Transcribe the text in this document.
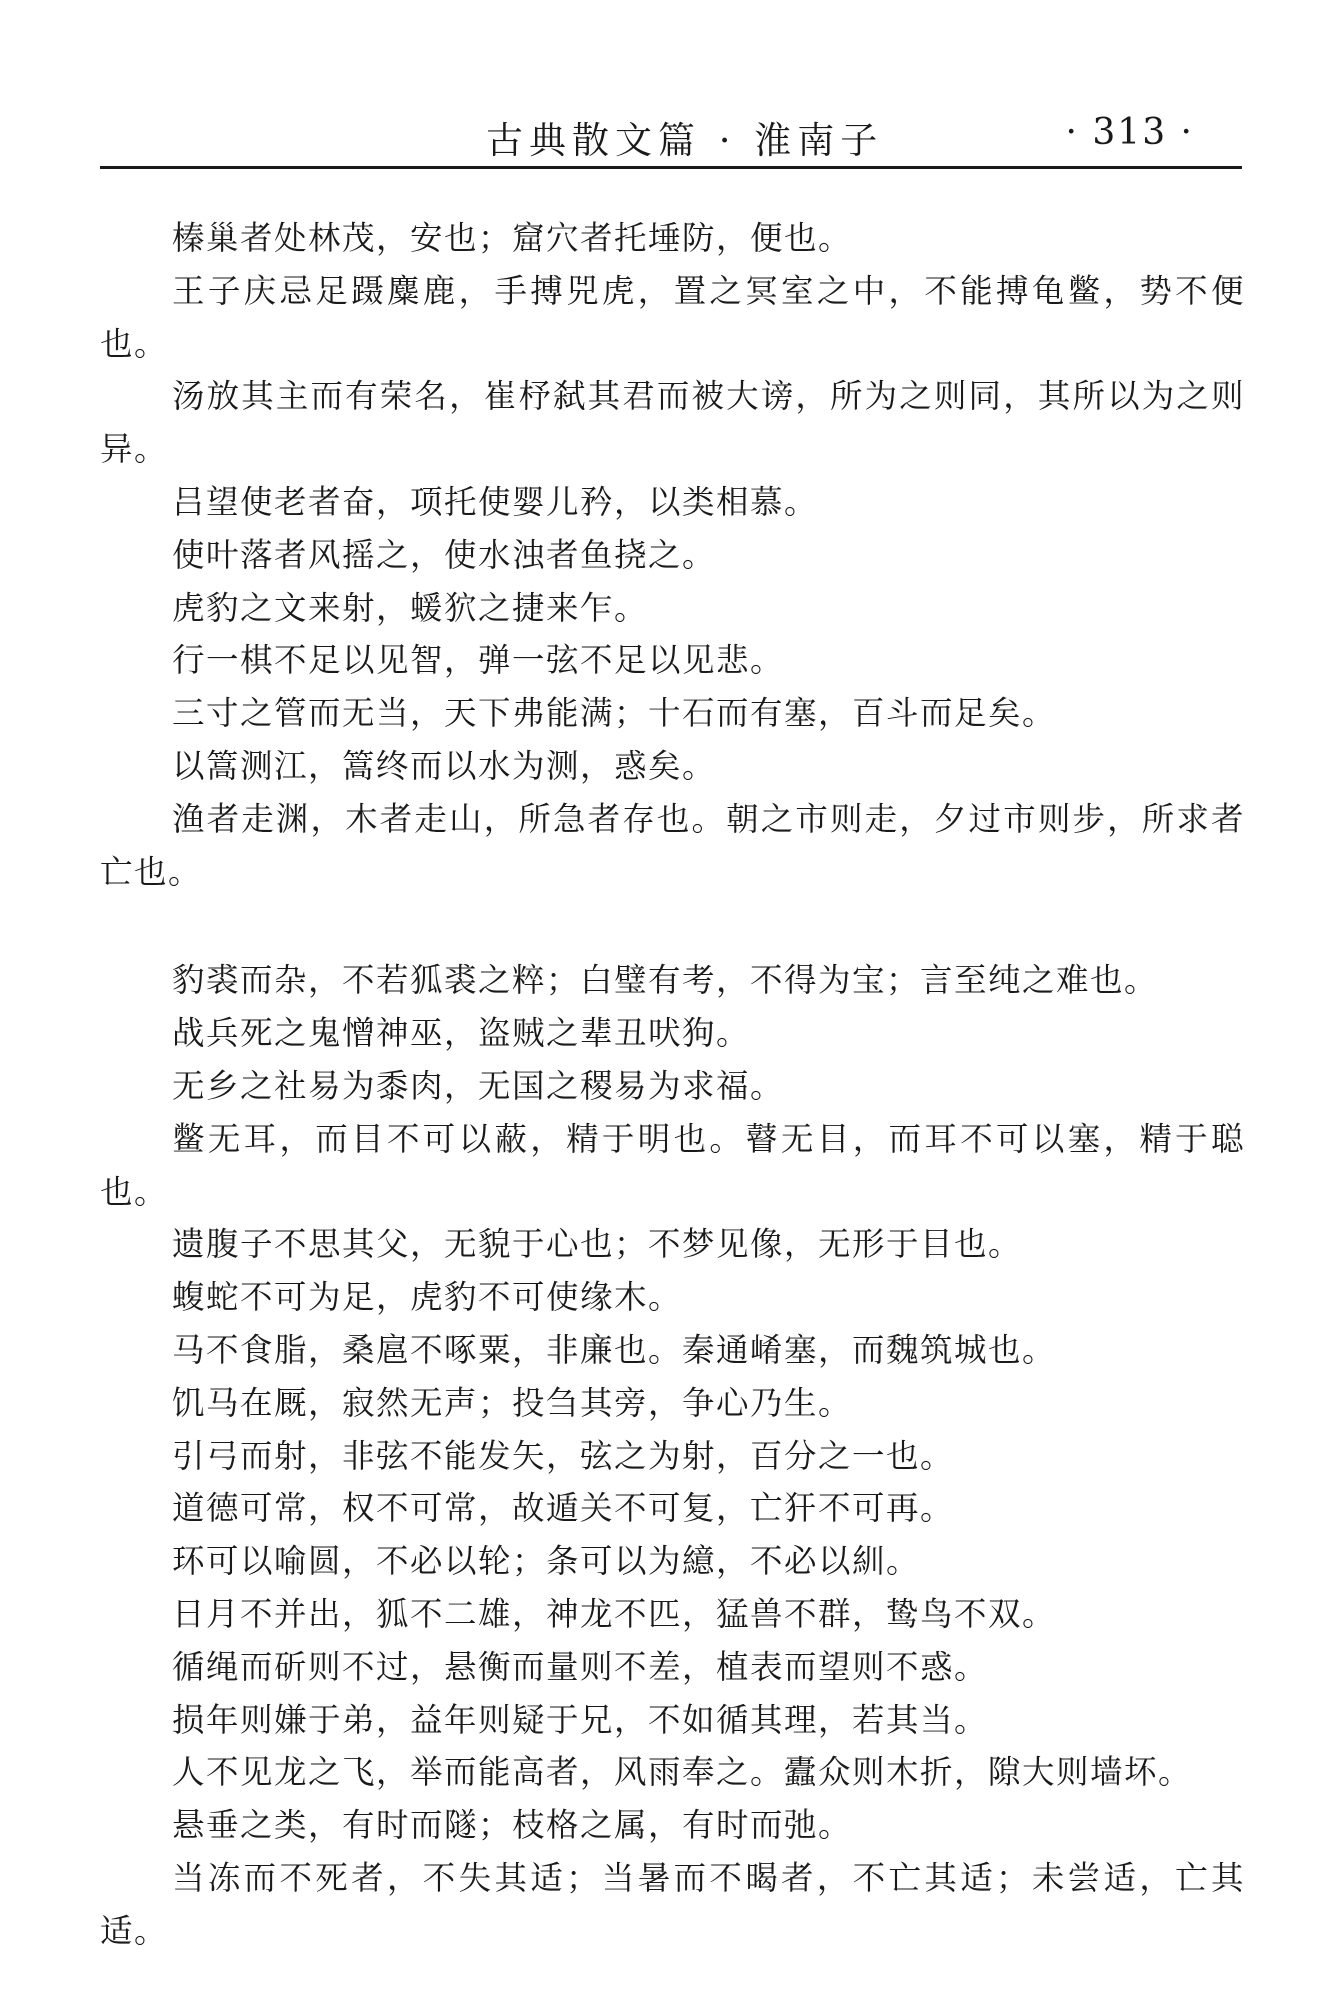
古典散文篇 · 淮南子	· 313 ·

榛巢者处林茂，安也；窟穴者托埵防，便也。

王子庆忌足蹑麋鹿，手搏兕虎，置之冥室之中，不能搏龟鳖，势不便也。

汤放其主而有荣名，崔杼弑其君而被大谤，所为之则同，其所以为之则异。

吕望使老者奋，项托使婴儿矜，以类相慕。

使叶落者风摇之，使水浊者鱼挠之。

虎豹之文来射，蝯狖之捷来乍。

行一棋不足以见智，弹一弦不足以见悲。

三寸之管而无当，天下弗能满；十石而有塞，百斗而足矣。

以篙测江，篙终而以水为测，惑矣。

渔者走渊，木者走山，所急者存也。朝之市则走，夕过市则步，所求者亡也。

豹裘而杂，不若狐裘之粹；白璧有考，不得为宝；言至纯之难也。

战兵死之鬼憎神巫，盗贼之辈丑吠狗。

无乡之社易为黍肉，无国之稷易为求福。

鳖无耳，而目不可以蔽，精于明也。瞽无目，而耳不可以塞，精于聪也。

遗腹子不思其父，无貌于心也；不梦见像，无形于目也。

蝮蛇不可为足，虎豹不可使缘木。

马不食脂，桑扈不啄粟，非廉也。秦通崤塞，而魏筑城也。

饥马在厩，寂然无声；投刍其旁，争心乃生。

引弓而射，非弦不能发矢，弦之为射，百分之一也。

道德可常，权不可常，故遁关不可复，亡犴不可再。

环可以喻圆，不必以轮；条可以为繶，不必以紃。

日月不并出，狐不二雄，神龙不匹，猛兽不群，鸷鸟不双。

循绳而斫则不过，悬衡而量则不差，植表而望则不惑。

损年则嫌于弟，益年则疑于兄，不如循其理，若其当。

人不见龙之飞，举而能高者，风雨奉之。蠹众则木折，隙大则墙坏。

悬垂之类，有时而隧；枝格之属，有时而弛。

当冻而不死者，不失其适；当暑而不暍者，不亡其适；未尝适，亡其适。
